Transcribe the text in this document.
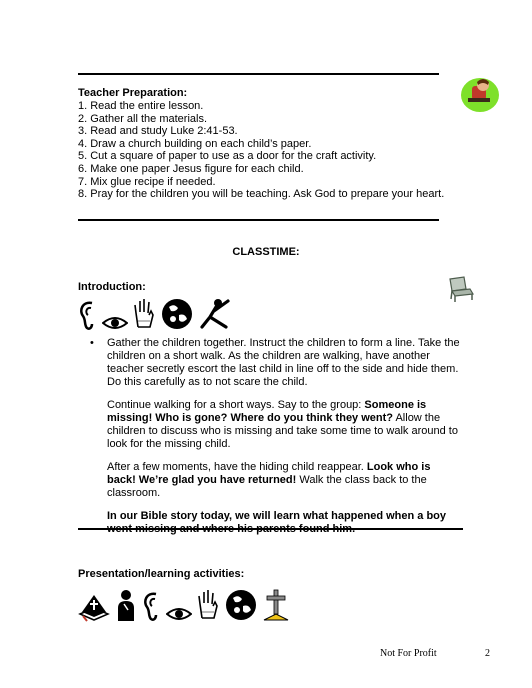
Teacher Preparation:
1. Read the entire lesson.
2. Gather all the materials.
3. Read and study Luke 2:41-53.
4. Draw a church building on each child’s paper.
5. Cut a square of paper to use as a door for the craft activity.
6. Make one paper Jesus figure for each child.
7. Mix glue recipe if needed.
8. Pray for the children you will be teaching. Ask God to prepare your heart.
CLASSTIME:
Introduction:
• Gather the children together. Instruct the children to form a line. Take the children on a short walk. As the children are walking, have another teacher secretly escort the last child in line off to the side and hide them. Do this carefully as to not scare the child.

Continue walking for a short ways. Say to the group: Someone is missing! Who is gone? Where do you think they went? Allow the children to discuss who is missing and take some time to walk around to look for the missing child.

After a few moments, have the hiding child reappear. Look who is back! We’re glad you have returned! Walk the class back to the classroom.

In our Bible story today, we will learn what happened when a boy

Presentation/learning activities:
Not For Profit	2
